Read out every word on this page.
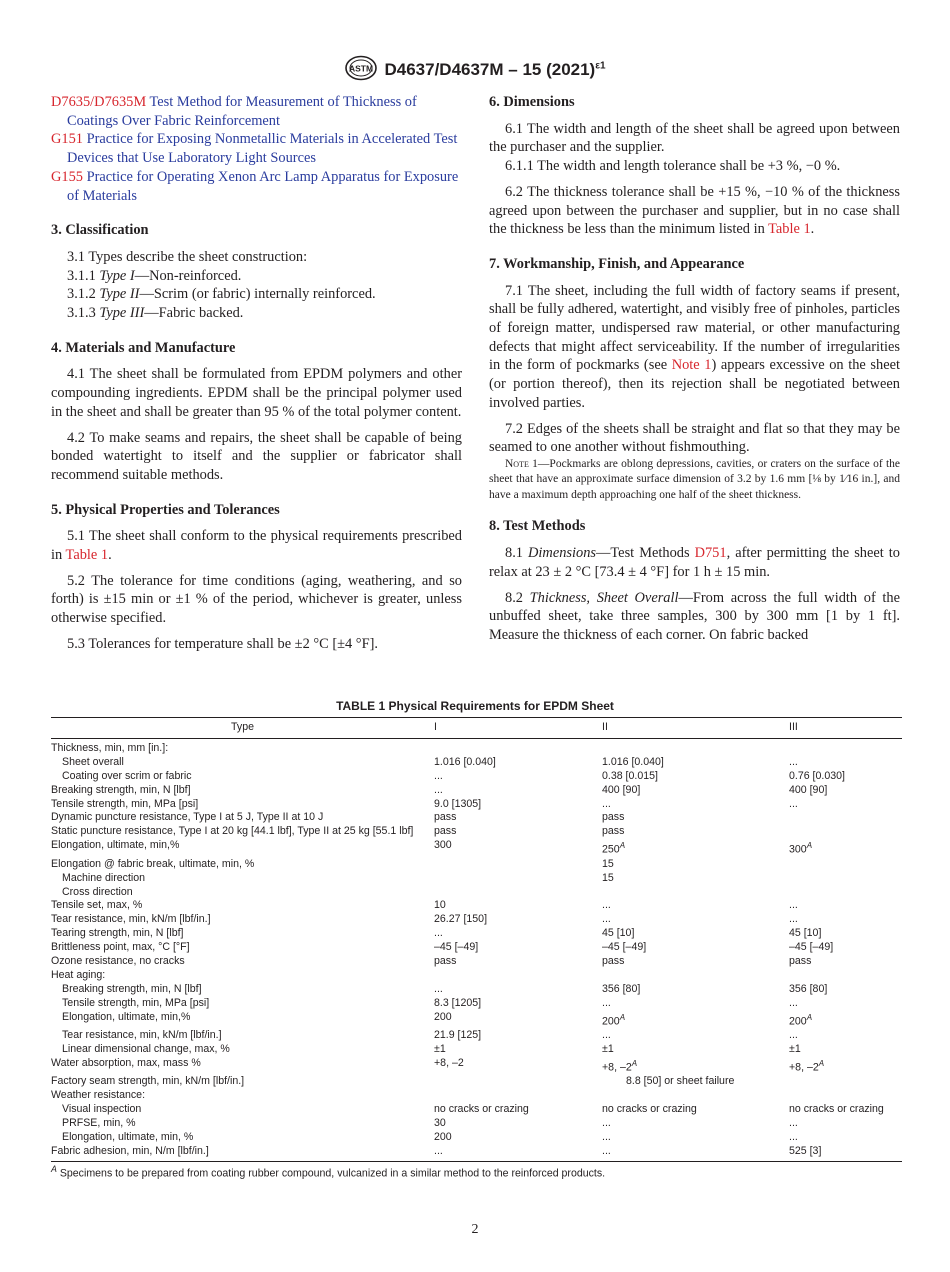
ASTM D4637/D4637M – 15 $(2021)^{\varepsilon 1}$

D7635/D7635M Test Method for Measurement of Thickness of Coatings Over Fabric Reinforcement

G151 Practice for Exposing Nonmetallic Materials in Accelerated Test Devices that Use Laboratory Light Sources

G155 Practice for Operating Xenon Arc Lamp Apparatus for Exposure of Materials

3. Classification

3.1 Types describe the sheet construction:

3.1.1 Type I—Non-reinforced.

3.1.2 Type II—Scrim (or fabric) internally reinforced.

3.1.3 Type III—Fabric backed.

4. Materials and Manufacture

4.1 The sheet shall be formulated from EPDM polymers and other compounding ingredients. EPDM shall be the principal polymer used in the sheet and shall be greater than 95 % of the total polymer content.

4.2 To make seams and repairs, the sheet shall be capable of being bonded watertight to itself and the supplier or fabricator shall recommend suitable methods.

5. Physical Properties and Tolerances

5.1 The sheet shall conform to the physical requirements prescribed in Table 1.

5.2 The tolerance for time conditions (aging, weathering, and so forth) is ±15 min or ±1 % of the period, whichever is greater, unless otherwise specified.

5.3 Tolerances for temperature shall be ±2 °C [±4 °F].

6. Dimensions

6.1 The width and length of the sheet shall be agreed upon between the purchaser and the supplier.

6.1.1 The width and length tolerance shall be +3 %, −0 %.

6.2 The thickness tolerance shall be +15 %, −10 % of the thickness agreed upon between the purchaser and supplier, but in no case shall the thickness be less than the minimum listed in Table 1.

7. Workmanship, Finish, and Appearance

7.1 The sheet, including the full width of factory seams if present, shall be fully adhered, watertight, and visibly free of pinholes, particles of foreign matter, undispersed raw material, or other manufacturing defects that might affect serviceability. If the number of irregularities in the form of pockmarks (see Note 1) appears excessive on the sheet (or portion thereof), then its rejection shall be negotiated between involved parties.

7.2 Edges of the sheets shall be straight and flat so that they may be seamed to one another without fishmouthing.

Note 1—Pockmarks are oblong depressions, cavities, or craters on the surface of the sheet that have an approximate surface dimension of 3.2 by 1.6 mm [⅛ by 1⁄16 in.], and have a maximum depth approaching one half of the sheet thickness.

8. Test Methods

8.1 Dimensions—Test Methods D751, after permitting the sheet to relax at 23 ± 2 °C [73.4 ± 4 °F] for 1 h ± 15 min.

8.2 Thickness, Sheet Overall—From across the full width of the unbuffed sheet, take three samples, 300 by 300 mm [1 by 1 ft]. Measure the thickness of each corner. On fabric backed

TABLE 1 Physical Requirements for EPDM Sheet
Type	I	II	III
Thickness, min, mm [in.]:			
Sheet overall	1.016 [0.040]	1.016 [0.040]	...
Coating over scrim or fabric	...	0.38 [0.015]	0.76 [0.030]
Breaking strength, min, N [lbf]	...	400 [90]	400 [90]
Tensile strength, min, MPa [psi]	9.0 [1305]	...	...
Dynamic puncture resistance, Type I at 5 J, Type II at 10 J	pass	pass	
Static puncture resistance, Type I at 20 kg [44.1 lbf], Type II at 25 kg [55.1 lbf]	pass	pass	
Elongation, ultimate, min,%	300	$250^A$	$300^A$
Elongation @ fabric break, ultimate, min, %		15	
Machine direction		15	
Cross direction			
Tensile set, max, %	10	...	...
Tear resistance, min, kN/m [lbf/in.]	26.27 [150]	...	...
Tearing strength, min, N [lbf]	...	45 [10]	45 [10]
Brittleness point, max, °C [°F]	–45 [–49]	–45 [–49]	–45 [–49]
Ozone resistance, no cracks	pass	pass	pass
Heat aging:			
Breaking strength, min, N [lbf]	...	356 [80]	356 [80]
Tensile strength, min, MPa [psi]	8.3 [1205]	...	...
Elongation, ultimate, min,%	200	$200^A$	$200^A$
Tear resistance, min, kN/m [lbf/in.]	21.9 [125]	...	...
Linear dimensional change, max, %	±1	±1	±1
Water absorption, max, mass %	+8, –2	+8, $-2^A$	+8, $-2^A$
Factory seam strength, min, kN/m [lbf/in.]		8.8 [50] or sheet failure	
Weather resistance:			
Visual inspection	no cracks or crazing	no cracks or crazing	no cracks or crazing
PRFSE, min, %	30	...	...
Elongation, ultimate, min, %	200	...	...
Fabric adhesion, min, N/m [lbf/in.]	...	...	525 [3]
$^A$ Specimens to be prepared from coating rubber compound, vulcanized in a similar method to the reinforced products.
2
